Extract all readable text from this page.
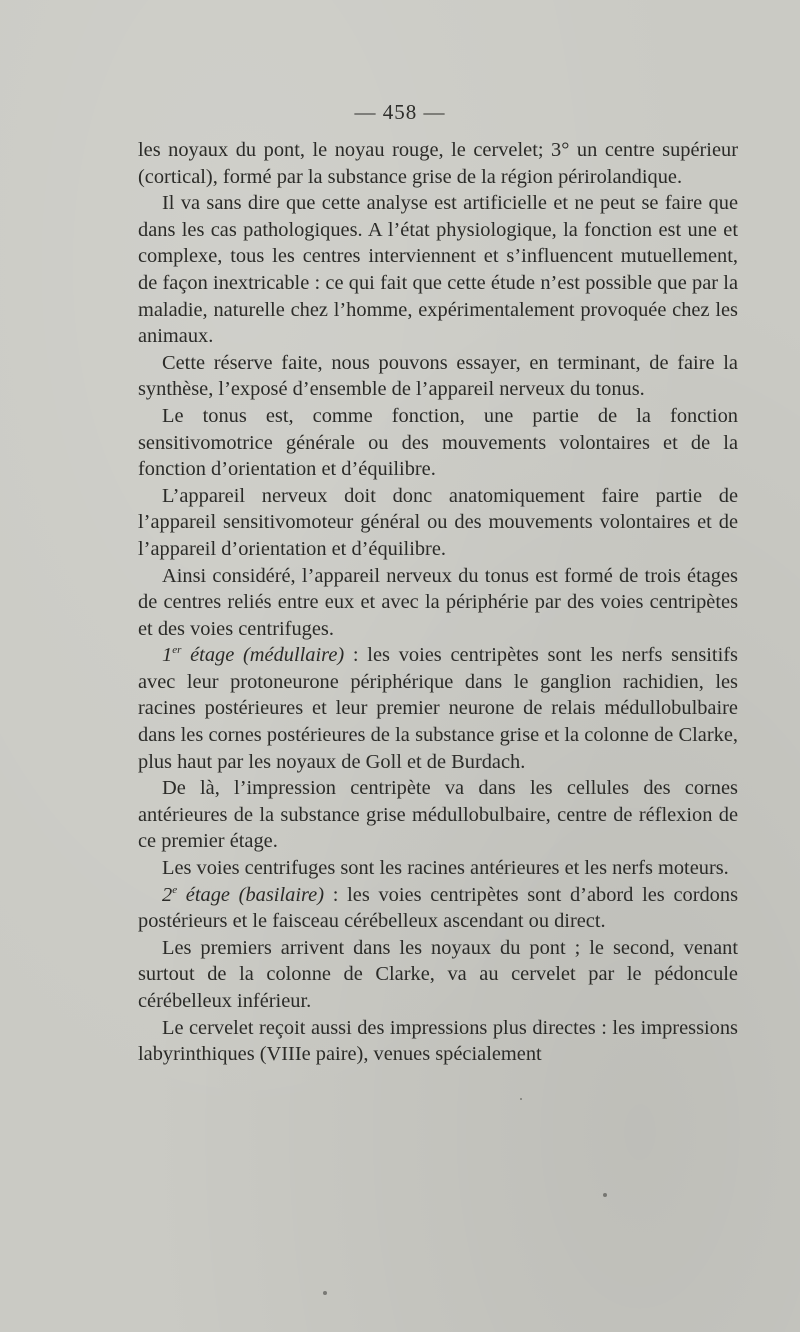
— 458 —

les noyaux du pont, le noyau rouge, le cervelet; 3° un centre supérieur (cortical), formé par la substance grise de la région périrolandique.

Il va sans dire que cette analyse est artificielle et ne peut se faire que dans les cas pathologiques. A l’état physiologique, la fonction est une et complexe, tous les centres interviennent et s’influencent mutuellement, de façon inextricable : ce qui fait que cette étude n’est possible que par la maladie, naturelle chez l’homme, expérimentalement provoquée chez les animaux.

Cette réserve faite, nous pouvons essayer, en terminant, de faire la synthèse, l’exposé d’ensemble de l’appareil nerveux du tonus.

Le tonus est, comme fonction, une partie de la fonction sensitivomotrice générale ou des mouvements volontaires et de la fonction d’orientation et d’équilibre.

L’appareil nerveux doit donc anatomiquement faire partie de l’appareil sensitivomoteur général ou des mouvements volontaires et de l’appareil d’orientation et d’équilibre.

Ainsi considéré, l’appareil nerveux du tonus est formé de trois étages de centres reliés entre eux et avec la périphérie par des voies centripètes et des voies centrifuges.

1er étage (médullaire) : les voies centripètes sont les nerfs sensitifs avec leur protoneurone périphérique dans le ganglion rachidien, les racines postérieures et leur premier neurone de relais médullobulbaire dans les cornes postérieures de la substance grise et la colonne de Clarke, plus haut par les noyaux de Goll et de Burdach.

De là, l’impression centripète va dans les cellules des cornes antérieures de la substance grise médullobulbaire, centre de réflexion de ce premier étage.

Les voies centrifuges sont les racines antérieures et les nerfs moteurs.

2e étage (basilaire) : les voies centripètes sont d’abord les cordons postérieurs et le faisceau cérébelleux ascendant ou direct.

Les premiers arrivent dans les noyaux du pont ; le second, venant surtout de la colonne de Clarke, va au cervelet par le pédoncule cérébelleux inférieur.

Le cervelet reçoit aussi des impressions plus directes : les impressions labyrinthiques (VIIIe paire), venues spécialement
